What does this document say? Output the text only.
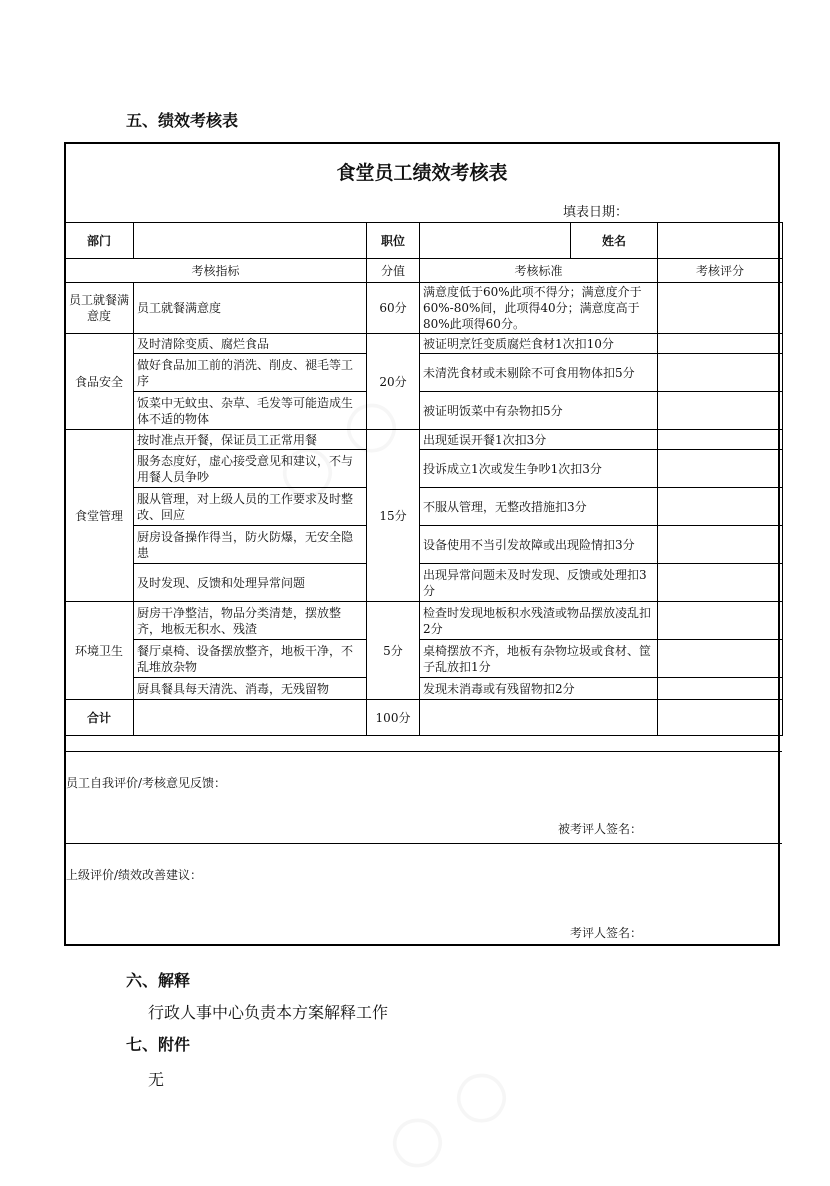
五、绩效考核表
食堂员工绩效考核表
填表日期：
部门		职位		姓名	
考核指标		分值	考核标准		考核评分
员工就餐满意度	员工就餐满意度	60分	满意度低于60%此项不得分；满意度介于60%-80%间，此项得40分；满意度高于80%此项得60分。		
食品安全	及时清除变质、腐烂食品	20分	被证明烹饪变质腐烂食材1次扣10分		
	做好食品加工前的消洗、削皮、褪毛等工序		未清洗食材或未剔除不可食用物体扣5分		
	饭菜中无蚊虫、杂草、毛发等可能造成生体不适的物体		被证明饭菜中有杂物扣5分		
食堂管理	按时准点开餐，保证员工正常用餐	15分	出现延误开餐1次扣3分		
	服务态度好，虚心接受意见和建议，不与用餐人员争吵		投诉成立1次或发生争吵1次扣3分		
	服从管理，对上级人员的工作要求及时整改、回应		不服从管理，无整改措施扣3分		
	厨房设备操作得当，防火防爆，无安全隐患		设备使用不当引发故障或出现险情扣3分		
	及时发现、反馈和处理异常问题		出现异常问题未及时发现、反馈或处理扣3分		
环境卫生	厨房干净整洁，物品分类清楚，摆放整齐，地板无积水、残渣	5分	检查时发现地板积水残渣或物品摆放凌乱扣2分		
	餐厅桌椅、设备摆放整齐，地板干净，不乱堆放杂物		桌椅摆放不齐，地板有杂物垃圾或食材、筐子乱放扣1分		
	厨具餐具每天清洗、消毒，无残留物		发现未消毒或有残留物扣2分		
合计		100分			
员工自我评价/考核意见反馈：
被考评人签名：
上级评价/绩效改善建议：
考评人签名：
六、解释
行政人事中心负责本方案解释工作
七、附件
无
